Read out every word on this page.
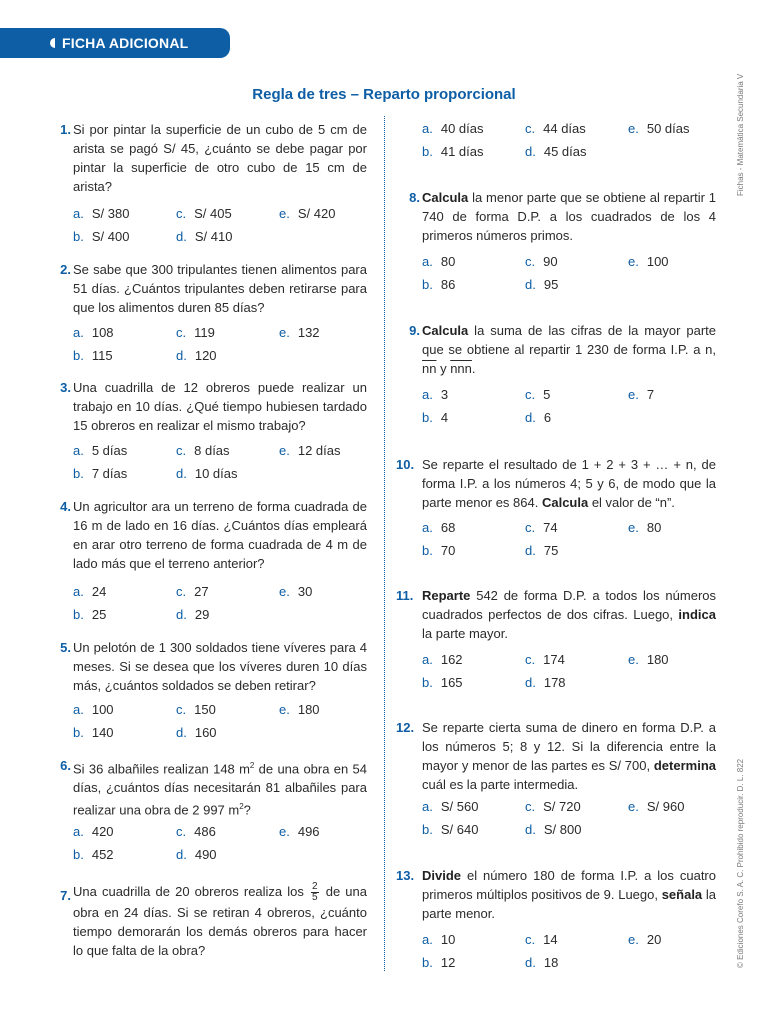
FICHA ADICIONAL
Regla de tres – Reparto proporcional	Fichas - Matemática Secundaria V
© Ediciones Corefo S. A. C. Prohibido reproducir. D. L. 822
1. Si por pintar la superficie de un cubo de 5 cm de arista se pagó S/ 45, ¿cuánto se debe pagar por pintar la superficie de otro cubo de 15 cm de arista?
a. S/ 380
b. S/ 400
c. S/ 405
d. S/ 410
e. S/ 420
2. Se sabe que 300 tripulantes tienen alimentos para 51 días. ¿Cuántos tripulantes deben retirarse para que los alimentos duren 85 días?
a. 108
b. 115
c. 119
d. 120
e. 132
3. Una cuadrilla de 12 obreros puede realizar un trabajo en 10 días. ¿Qué tiempo hubiesen tardado 15 obreros en realizar el mismo trabajo?
a. 5 días
b. 7 días
c. 8 días
d. 10 días
e. 12 días
4. Un agricultor ara un terreno de forma cuadrada de 16 m de lado en 16 días. ¿Cuántos días empleará en arar otro terreno de forma cuadrada de 4 m de lado más que el terreno anterior?
a. 24
b. 25
c. 27
d. 29
e. 30
5. Un pelotón de 1 300 soldados tiene víveres para 4 meses. Si se desea que los víveres duren 10 días más, ¿cuántos soldados se deben retirar?
a. 100
b. 140
c. 150
d. 160
e. 180
6. Si 36 albañiles realizan 148 $m^2$ de una obra en 54 días, ¿cuántos días necesitarán 81 albañiles para realizar una obra de 2 997 $m^2$?
a. 420
b. 452
c. 486
d. 490
e. 496
7. Una cuadrilla de 20 obreros realiza los $\frac{2}{5}$ de una obra en 24 días. Si se retiran 4 obreros, ¿cuánto tiempo demorarán los demás obreros para hacer lo que falta de la obra?
a. 40 días
b. 41 días
c. 44 días
d. 45 días
e. 50 días
8. Calcula la menor parte que se obtiene al repartir 1 740 de forma D.P. a los cuadrados de los 4 primeros números primos.
a. 80
b. 86
c. 90
d. 95
e. 100
9. Calcula la suma de las cifras de la mayor parte que se obtiene al repartir 1 230 de forma I.P. a n, $\overline{nn}$ y $\overline{nnn}$.
a. 3
b. 4
c. 5
d. 6
e. 7
10. Se reparte el resultado de 1 + 2 + 3 + … + n, de forma I.P. a los números 4; 5 y 6, de modo que la parte menor es 864. Calcula el valor de “n”.
a. 68
b. 70
c. 74
d. 75
e. 80
11. Reparte 542 de forma D.P. a todos los números cuadrados perfectos de dos cifras. Luego, indica la parte mayor.
a. 162
b. 165
c. 174
d. 178
e. 180
12. Se reparte cierta suma de dinero en forma D.P. a los números 5; 8 y 12. Si la diferencia entre la mayor y menor de las partes es S/ 700, determina cuál es la parte intermedia.
a. S/ 560
b. S/ 640
c. S/ 720
d. S/ 800
e. S/ 960
13. Divide el número 180 de forma I.P. a los cuatro primeros múltiplos positivos de 9. Luego, señala la parte menor.
a. 10
b. 12
c. 14
d. 18
e. 20
